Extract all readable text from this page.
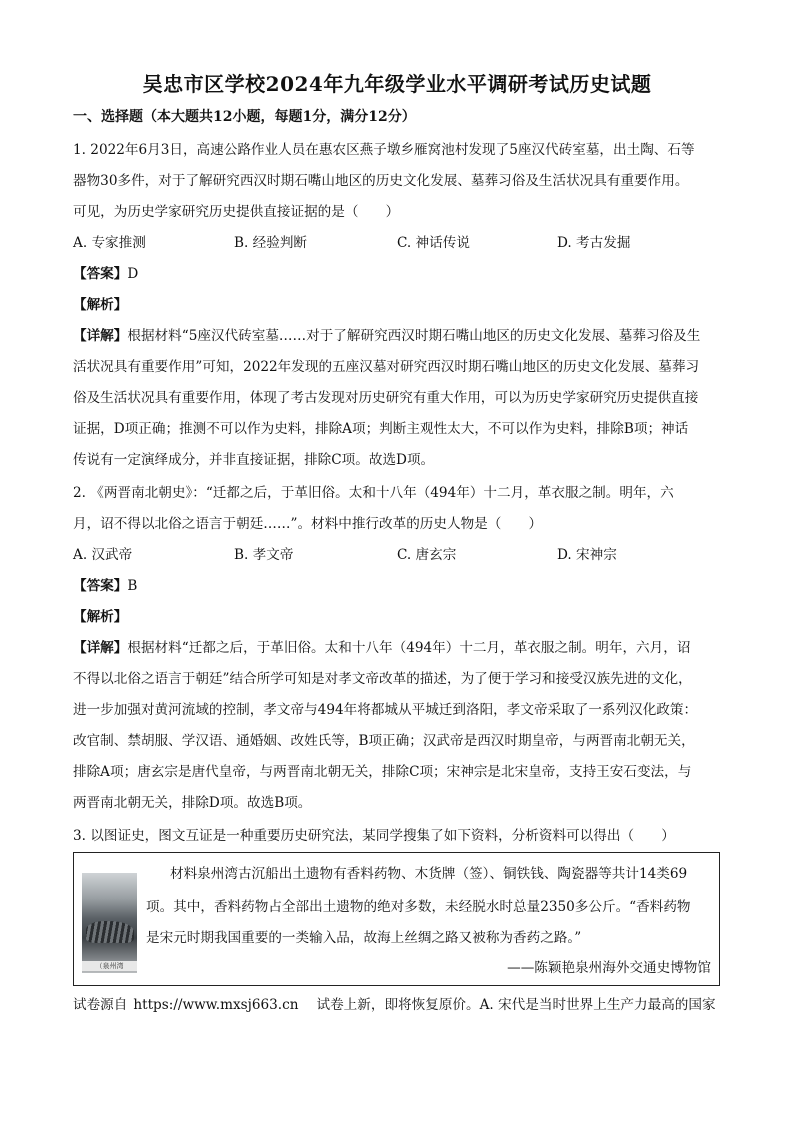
吴忠市区学校2024年九年级学业水平调研考试历史试题
一、选择题（本大题共12小题，每题1分，满分12分）
1. 2022年6月3日，高速公路作业人员在惠农区燕子墩乡雁窝池村发现了5座汉代砖室墓，出土陶、石等
器物30多件，对于了解研究西汉时期石嘴山地区的历史文化发展、墓葬习俗及生活状况具有重要作用。
可见，为历史学家研究历史提供直接证据的是（　　）
A. 专家推测	B. 经验判断	C. 神话传说	D. 考古发掘
【答案】D
【解析】
【详解】根据材料“5座汉代砖室墓……对于了解研究西汉时期石嘴山地区的历史文化发展、墓葬习俗及生
活状况具有重要作用”可知，2022年发现的五座汉墓对研究西汉时期石嘴山地区的历史文化发展、墓葬习
俗及生活状况具有重要作用，体现了考古发现对历史研究有重大作用，可以为历史学家研究历史提供直接
证据，D项正确；推测不可以作为史料，排除A项；判断主观性太大，不可以作为史料，排除B项；神话
传说有一定演绎成分，并非直接证据，排除C项。故选D项。
2. 《两晋南北朝史》：“迁都之后，于革旧俗。太和十八年（494年）十二月，革衣服之制。明年，六
月，诏不得以北俗之语言于朝廷……”。材料中推行改革的历史人物是（　　）
A. 汉武帝	B. 孝文帝	C. 唐玄宗	D. 宋神宗
【答案】B
【解析】
【详解】根据材料“迁都之后，于革旧俗。太和十八年（494年）十二月，革衣服之制。明年，六月，诏
不得以北俗之语言于朝廷”结合所学可知是对孝文帝改革的描述，为了便于学习和接受汉族先进的文化，
进一步加强对黄河流域的控制，孝文帝与494年将都城从平城迁到洛阳，孝文帝采取了一系列汉化政策：
改官制、禁胡服、学汉语、通婚姻、改姓氏等，B项正确；汉武帝是西汉时期皇帝，与两晋南北朝无关，
排除A项；唐玄宗是唐代皇帝，与两晋南北朝无关，排除C项；宋神宗是北宋皇帝，支持王安石变法，与
两晋南北朝无关，排除D项。故选B项。
3. 以图证史，图文互证是一种重要历史研究法，某同学搜集了如下资料，分析资料可以得出（　　）
（泉州湾
材料泉州湾古沉船出土遗物有香料药物、木货牌（签）、铜铁钱、陶瓷器等共计14类69
项。其中，香料药物占全部出土遗物的绝对多数，未经脱水时总量2350多公斤。“香料药物
是宋元时期我国重要的一类输入品，故海上丝绸之路又被称为香药之路。”
——陈颖艳泉州海外交通史博物馆
试卷源自 https://www.mxsj663.cn 试卷上新，即将恢复原价。A. 宋代是当时世界上生产力最高的国家
